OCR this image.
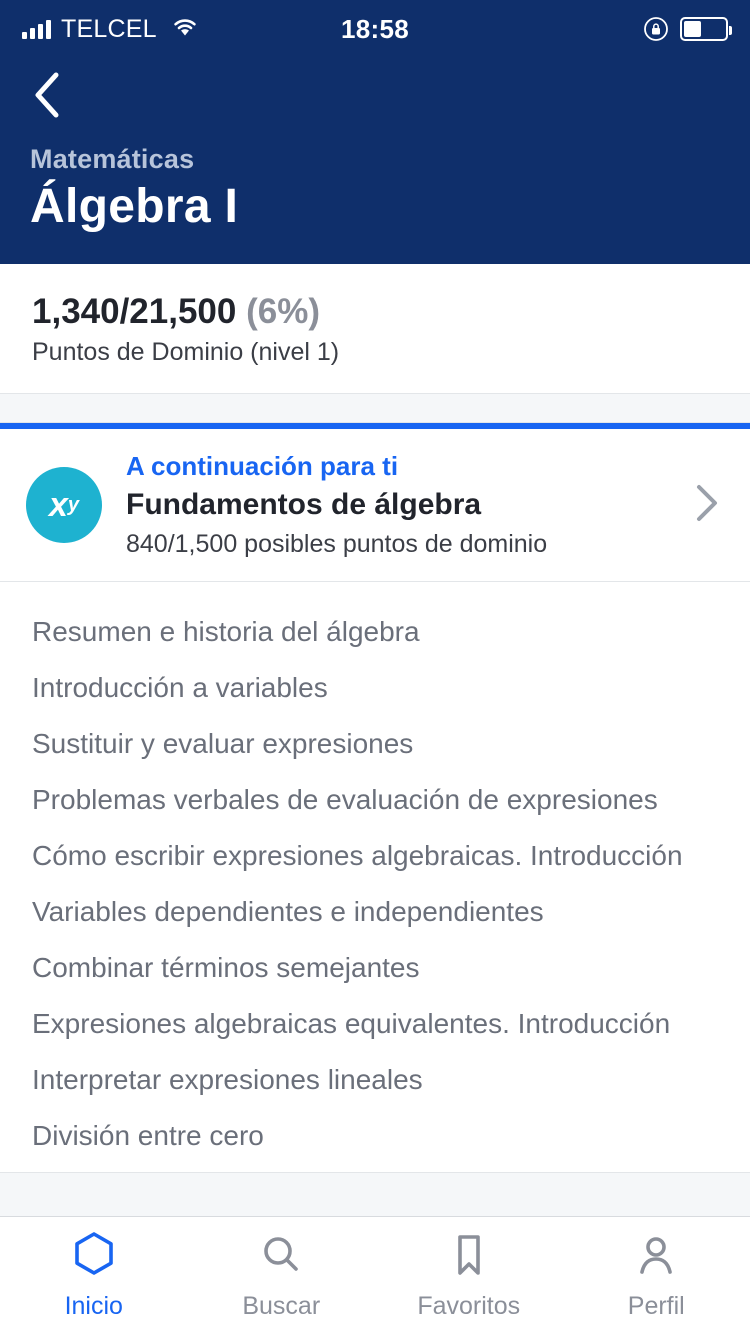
TELCEL	18:58
Matemáticas
Álgebra I
1,340/21,500 (6%)
Puntos de Dominio (nivel 1)
x y
A continuación para ti
Fundamentos de álgebra
840/1,500 posibles puntos de dominio
Resumen e historia del álgebra
Introducción a variables
Sustituir y evaluar expresiones
Problemas verbales de evaluación de expresiones
Cómo escribir expresiones algebraicas. Introducción
Variables dependientes e independientes
Combinar términos semejantes
Expresiones algebraicas equivalentes. Introducción
Interpretar expresiones lineales
División entre cero
Inicio	Buscar	Favoritos	Perfil
